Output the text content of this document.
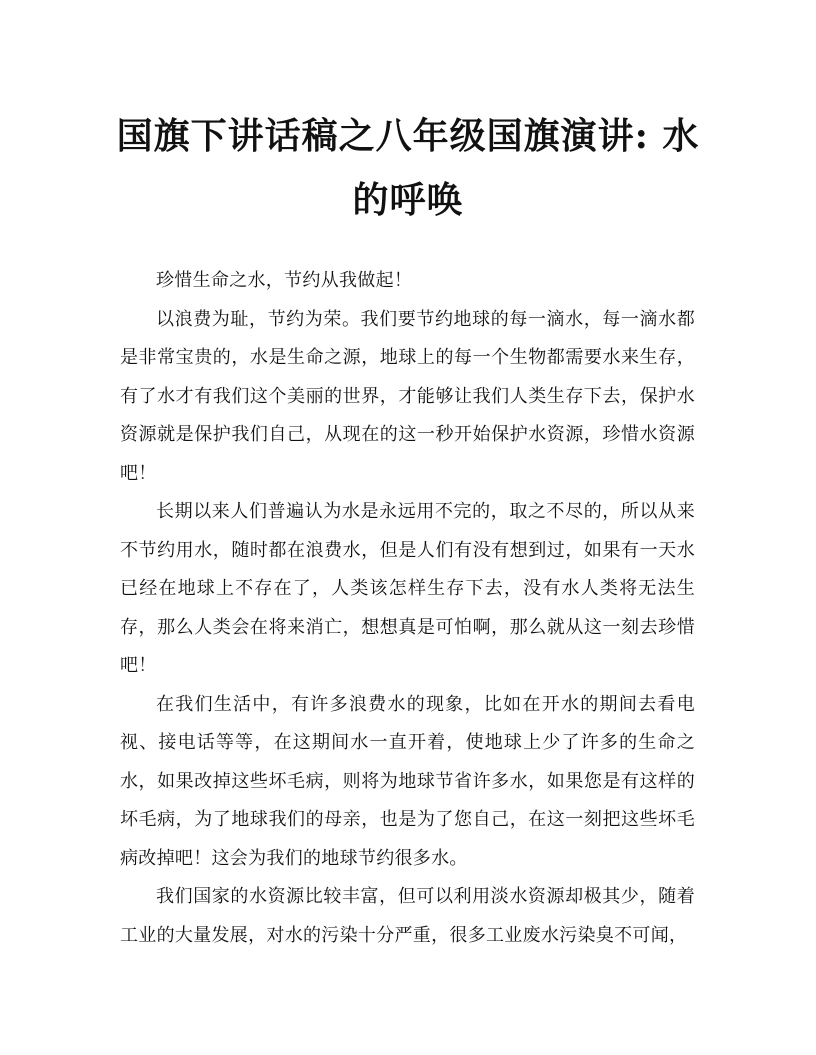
国旗下讲话稿之八年级国旗演讲: 水的呼唤

珍惜生命之水，节约从我做起！

以浪费为耻，节约为荣。我们要节约地球的每一滴水，每一滴水都是非常宝贵的，水是生命之源，地球上的每一个生物都需要水来生存，有了水才有我们这个美丽的世界，才能够让我们人类生存下去，保护水资源就是保护我们自己，从现在的这一秒开始保护水资源，珍惜水资源吧！

长期以来人们普遍认为水是永远用不完的，取之不尽的，所以从来不节约用水，随时都在浪费水，但是人们有没有想到过，如果有一天水已经在地球上不存在了，人类该怎样生存下去，没有水人类将无法生存，那么人类会在将来消亡，想想真是可怕啊，那么就从这一刻去珍惜吧！

在我们生活中，有许多浪费水的现象，比如在开水的期间去看电视、接电话等等，在这期间水一直开着，使地球上少了许多的生命之水，如果改掉这些坏毛病，则将为地球节省许多水，如果您是有这样的坏毛病，为了地球我们的母亲，也是为了您自己，在这一刻把这些坏毛病改掉吧！这会为我们的地球节约很多水。

我们国家的水资源比较丰富，但可以利用淡水资源却极其少，随着工业的大量发展，对水的污染十分严重，很多工业废水污染臭不可闻，
